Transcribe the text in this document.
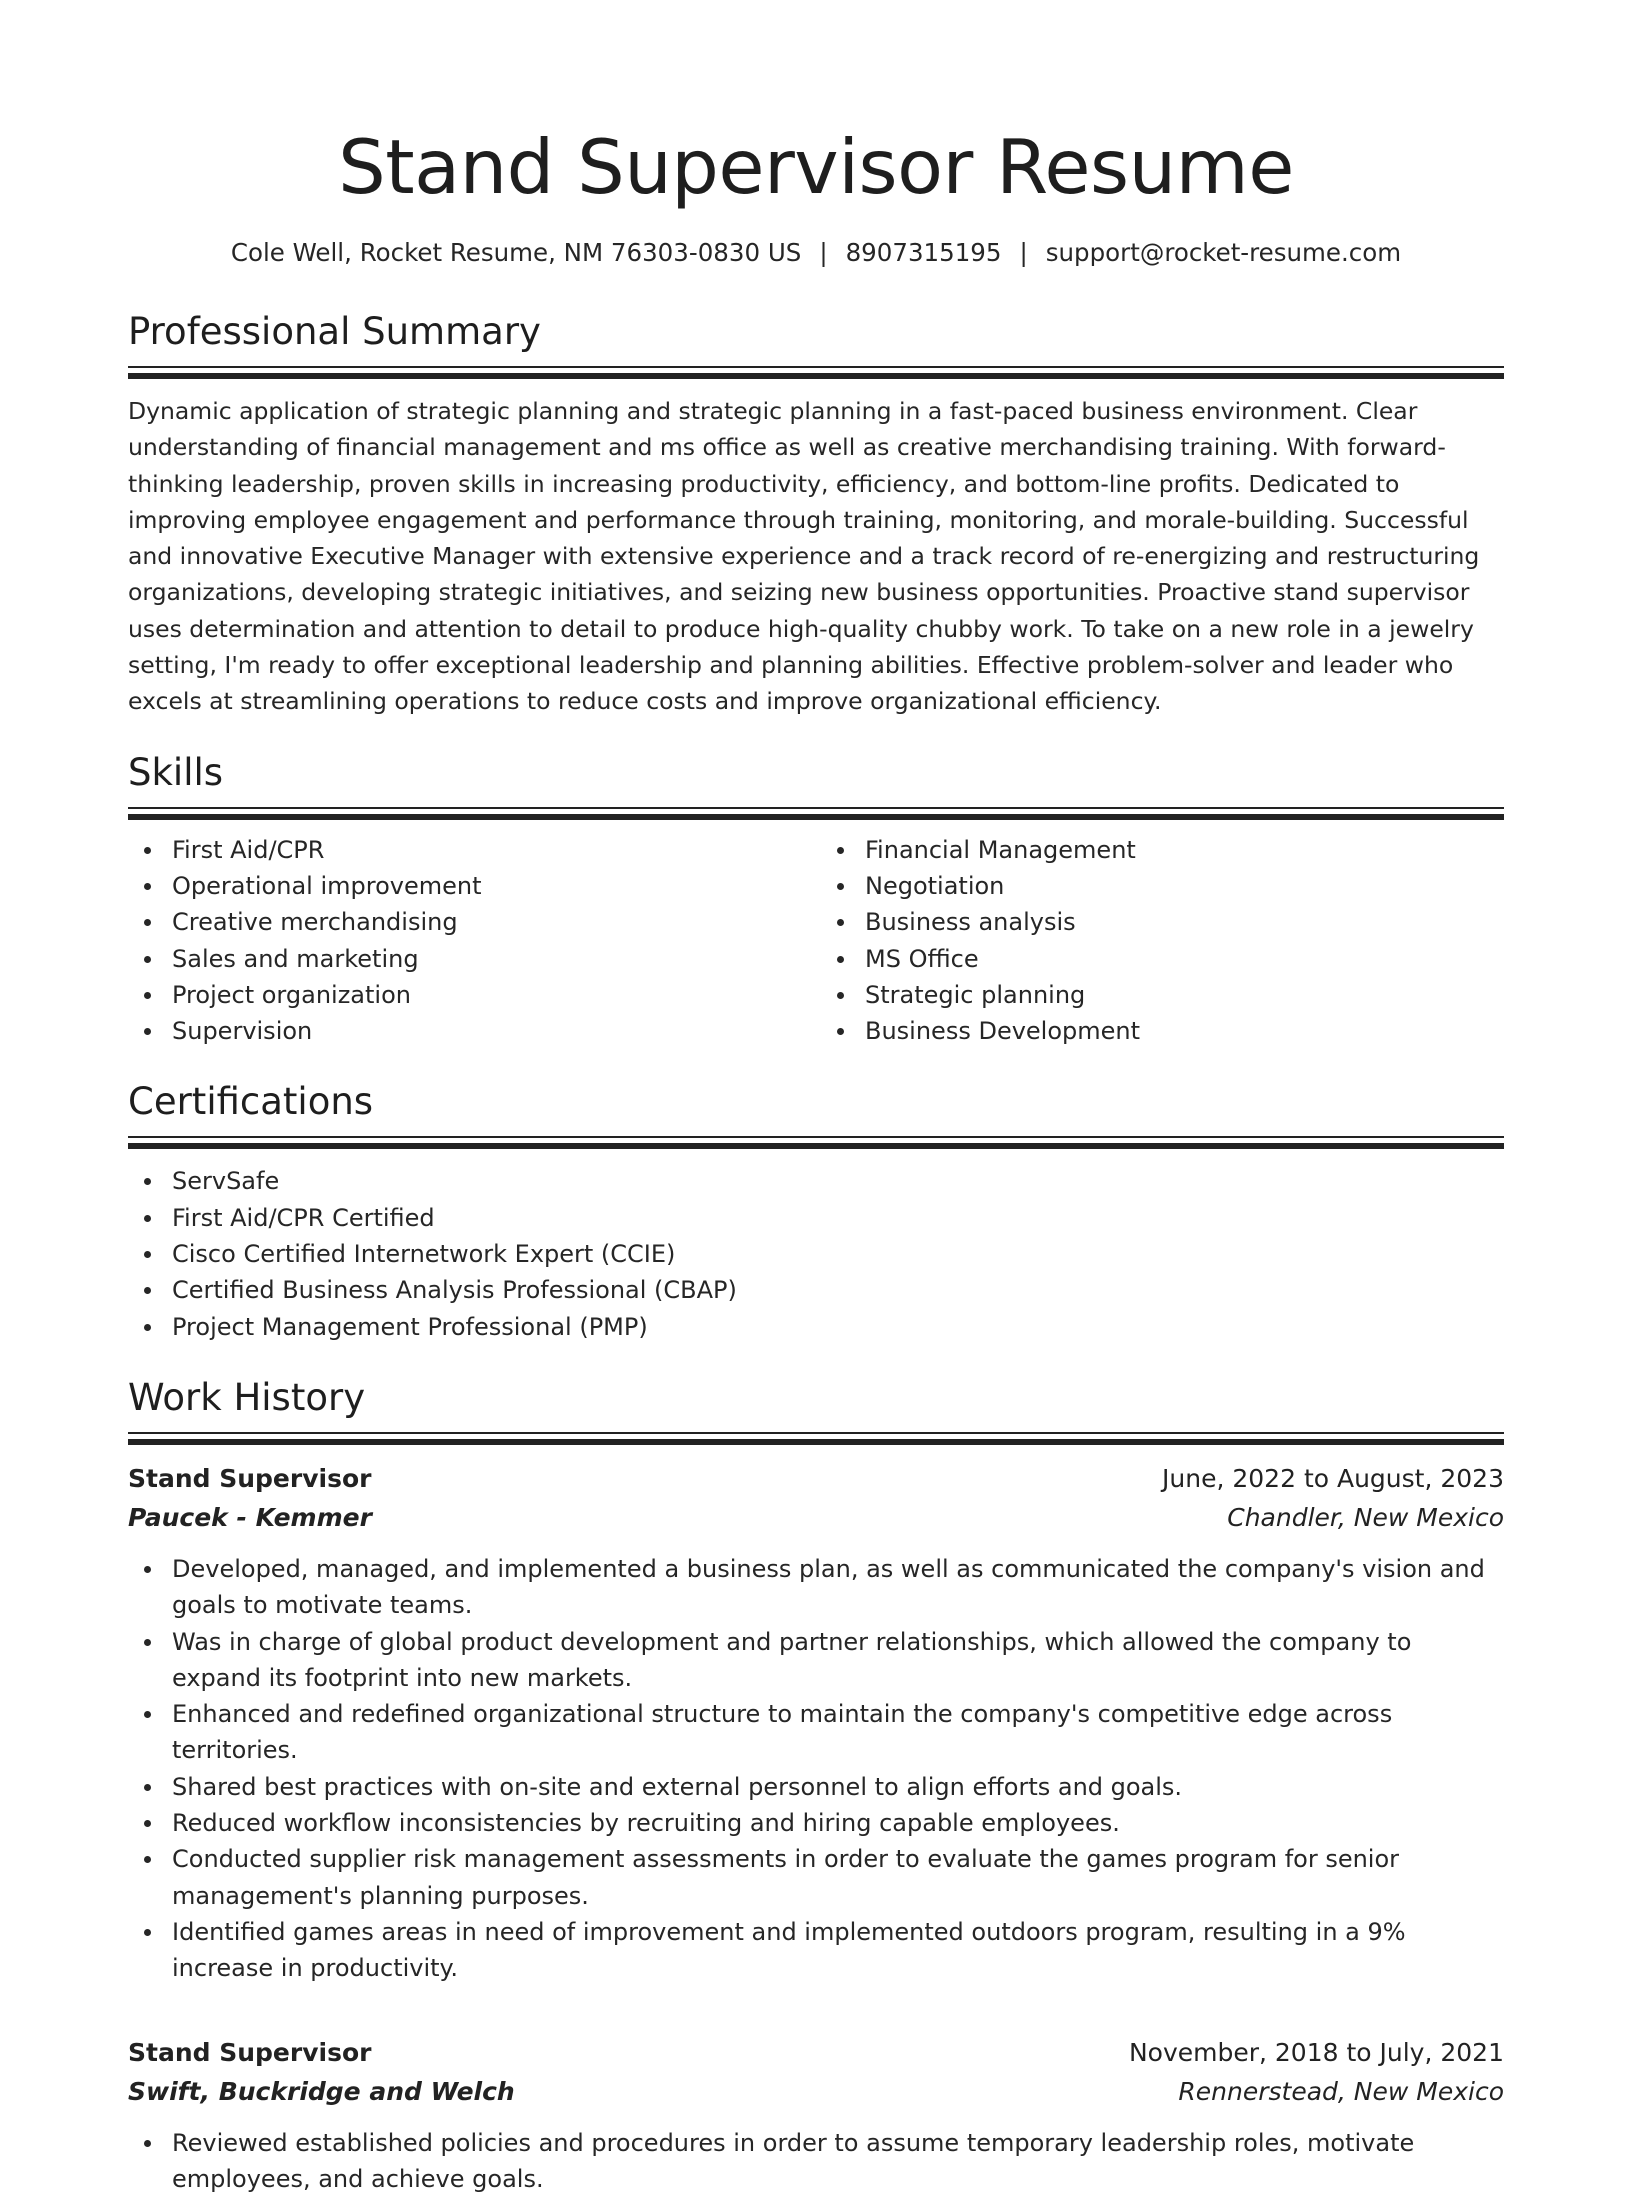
Stand Supervisor Resume
Cole Well, Rocket Resume, NM 76303-0830 US | 8907315195 | support@rocket-resume.com
Professional Summary

Dynamic application of strategic planning and strategic planning in a fast-paced business environment. Clear understanding of financial management and ms office as well as creative merchandising training. With forward-thinking leadership, proven skills in increasing productivity, efficiency, and bottom-line profits. Dedicated to improving employee engagement and performance through training, monitoring, and morale-building. Successful and innovative Executive Manager with extensive experience and a track record of re-energizing and restructuring organizations, developing strategic initiatives, and seizing new business opportunities. Proactive stand supervisor uses determination and attention to detail to produce high-quality chubby work. To take on a new role in a jewelry setting, I'm ready to offer exceptional leadership and planning abilities. Effective problem-solver and leader who excels at streamlining operations to reduce costs and improve organizational efficiency.

Skills
First Aid/CPR
Operational improvement
Creative merchandising
Sales and marketing
Project organization
Supervision
Financial Management
Negotiation
Business analysis
MS Office
Strategic planning
Business Development
Certifications
ServSafe
First Aid/CPR Certified
Cisco Certified Internetwork Expert (CCIE)
Certified Business Analysis Professional (CBAP)
Project Management Professional (PMP)
Work History
Stand Supervisor	June, 2022 to August, 2023
Paucek - Kemmer	Chandler, New Mexico
Developed, managed, and implemented a business plan, as well as communicated the company's vision and goals to motivate teams.
Was in charge of global product development and partner relationships, which allowed the company to expand its footprint into new markets.
Enhanced and redefined organizational structure to maintain the company's competitive edge across territories.
Shared best practices with on-site and external personnel to align efforts and goals.
Reduced workflow inconsistencies by recruiting and hiring capable employees.
Conducted supplier risk management assessments in order to evaluate the games program for senior management's planning purposes.
Identified games areas in need of improvement and implemented outdoors program, resulting in a 9% increase in productivity.
Stand Supervisor	November, 2018 to July, 2021
Swift, Buckridge and Welch	Rennerstead, New Mexico
Reviewed established policies and procedures in order to assume temporary leadership roles, motivate employees, and achieve goals.
